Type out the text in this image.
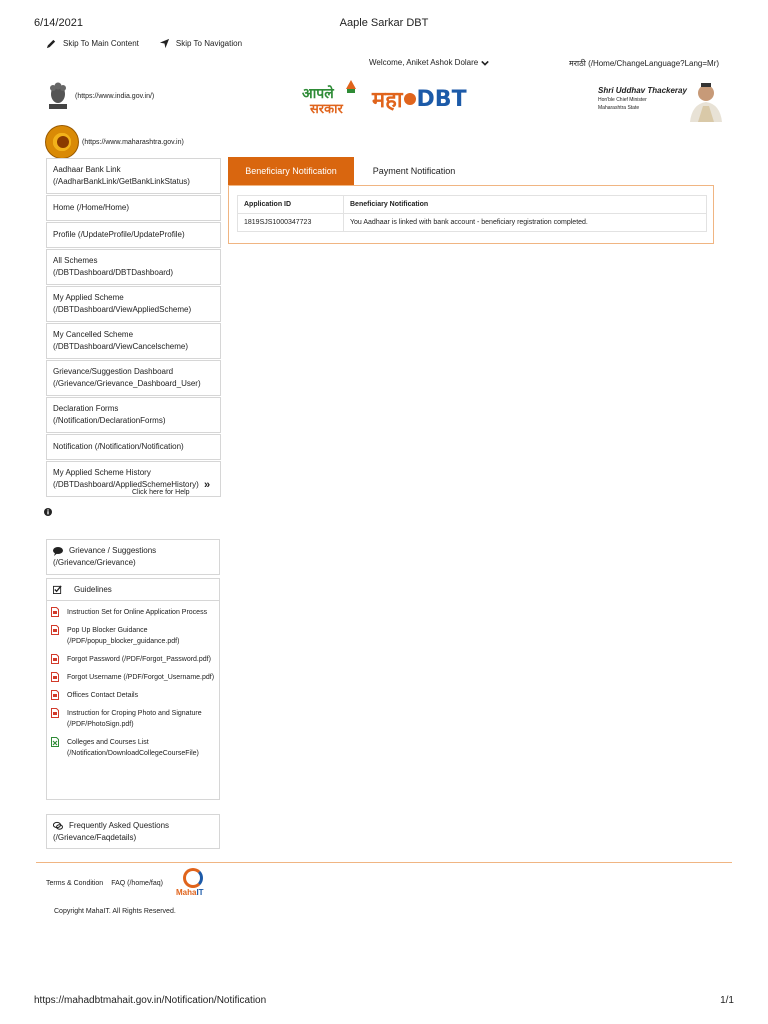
6/14/2021	Aaple Sarkar DBT
Skip To Main Content	Skip To Navigation
Welcome, Aniket Ashok Dolare	मराठी (/Home/ChangeLanguage?Lang=Mr)
(https://www.india.gov.in/)
(https://www.maharashtra.gov.in)
आपले
सरकार महा DBT	Shri Uddhav Thackeray
Hon'ble Chief Minister
Maharashtra State
Aadhaar Bank Link (/AadharBankLink/GetBankLinkStatus)
Home (/Home/Home)
Profile (/UpdateProfile/UpdateProfile)
All Schemes (/DBTDashboard/DBTDashboard)
My Applied Scheme (/DBTDashboard/ViewAppliedScheme)
My Cancelled Scheme (/DBTDashboard/ViewCancelscheme)
Grievance/Suggestion Dashboard (/Grievance/Grievance_Dashboard_User)
Declaration Forms (/Notification/DeclarationForms)
Notification (/Notification/Notification)
My Applied Scheme History (/DBTDashboard/AppliedSchemeHistory)
Click here for Help
»
Grievance / Suggestions
(/Grievance/Grievance)
Guidelines
Instruction Set for Online Application Process
Pop Up Blocker Guidance (/PDF/popup_blocker_guidance.pdf)
Forgot Password (/PDF/Forgot_Password.pdf)
Forgot Username (/PDF/Forgot_Username.pdf)
Offices Contact Details
Instruction for Croping Photo and Signature (/PDF/PhotoSign.pdf)
Colleges and Courses List (/Notification/DownloadCollegeCourseFile)
Frequently Asked Questions
(/Grievance/Faqdetails)
Beneficiary Notification	Payment Notification
Application ID	Beneficiary Notification
1819SJS1000347723	You Aadhaar is linked with bank account - beneficiary registration completed.
Terms & Condition FAQ (/home/faq)
MahaIT
Copyright MahaIT. All Rights Reserved.
https://mahadbtmahait.gov.in/Notification/Notification	1/1
